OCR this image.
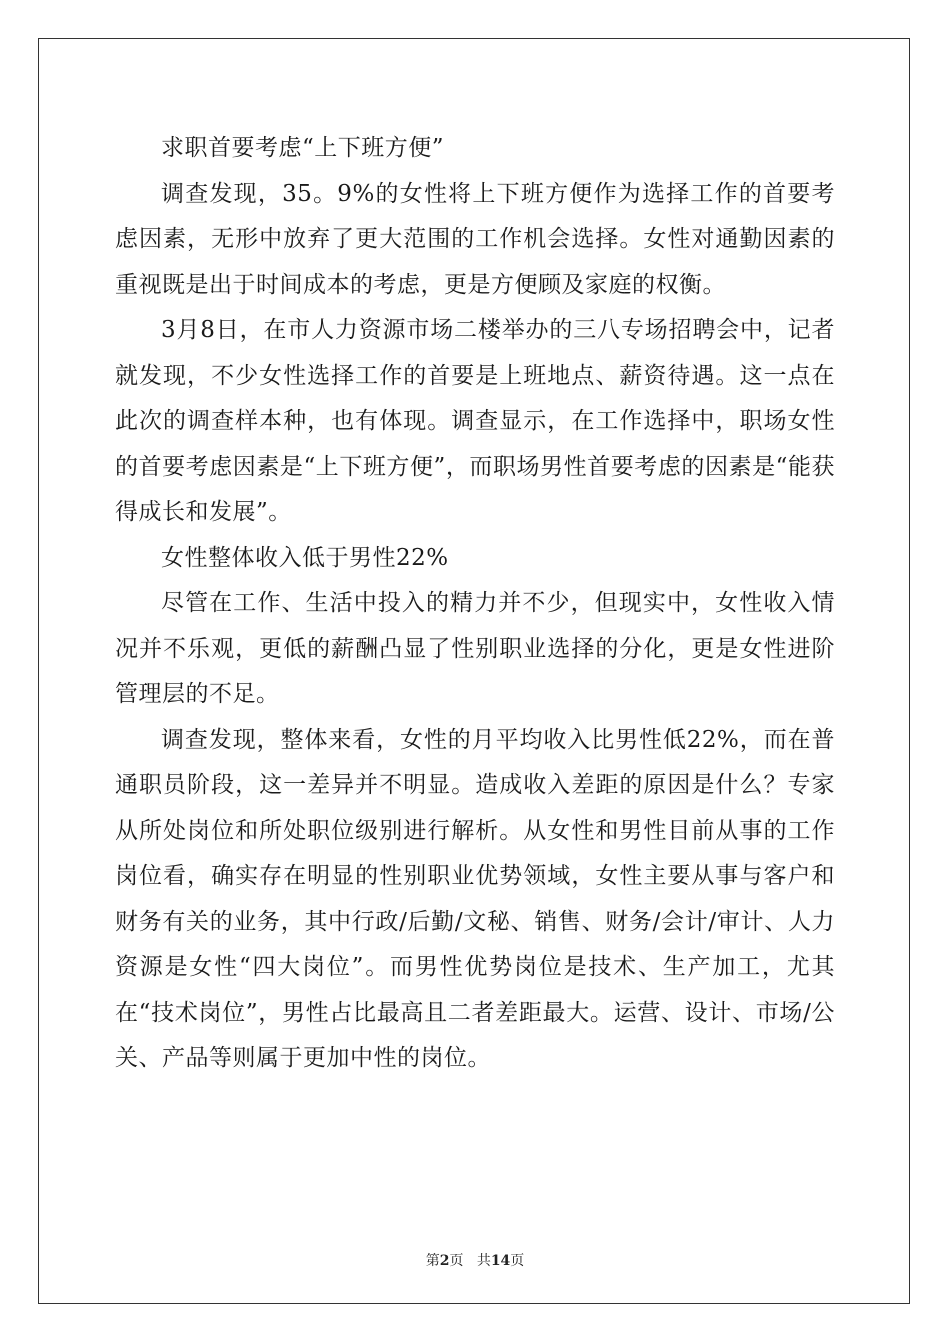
求职首要考虑“上下班方便”

调查发现，35。9%的女性将上下班方便作为选择工作的首要考虑因素，无形中放弃了更大范围的工作机会选择。女性对通勤因素的重视既是出于时间成本的考虑，更是方便顾及家庭的权衡。

3月8日，在市人力资源市场二楼举办的三八专场招聘会中，记者就发现，不少女性选择工作的首要是上班地点、薪资待遇。这一点在此次的调查样本种，也有体现。调查显示，在工作选择中，职场女性的首要考虑因素是“上下班方便”，而职场男性首要考虑的因素是“能获得成长和发展”。

女性整体收入低于男性22%

尽管在工作、生活中投入的精力并不少，但现实中，女性收入情况并不乐观，更低的薪酬凸显了性别职业选择的分化，更是女性进阶管理层的不足。

调查发现，整体来看，女性的月平均收入比男性低22%，而在普通职员阶段，这一差异并不明显。造成收入差距的原因是什么？专家从所处岗位和所处职位级别进行解析。从女性和男性目前从事的工作岗位看，确实存在明显的性别职业优势领域，女性主要从事与客户和财务有关的业务，其中行政/后勤/文秘、销售、财务/会计/审计、人力资源是女性“四大岗位”。而男性优势岗位是技术、生产加工，尤其在“技术岗位”，男性占比最高且二者差距最大。运营、设计、市场/公关、产品等则属于更加中性的岗位。

第2页 共14页
